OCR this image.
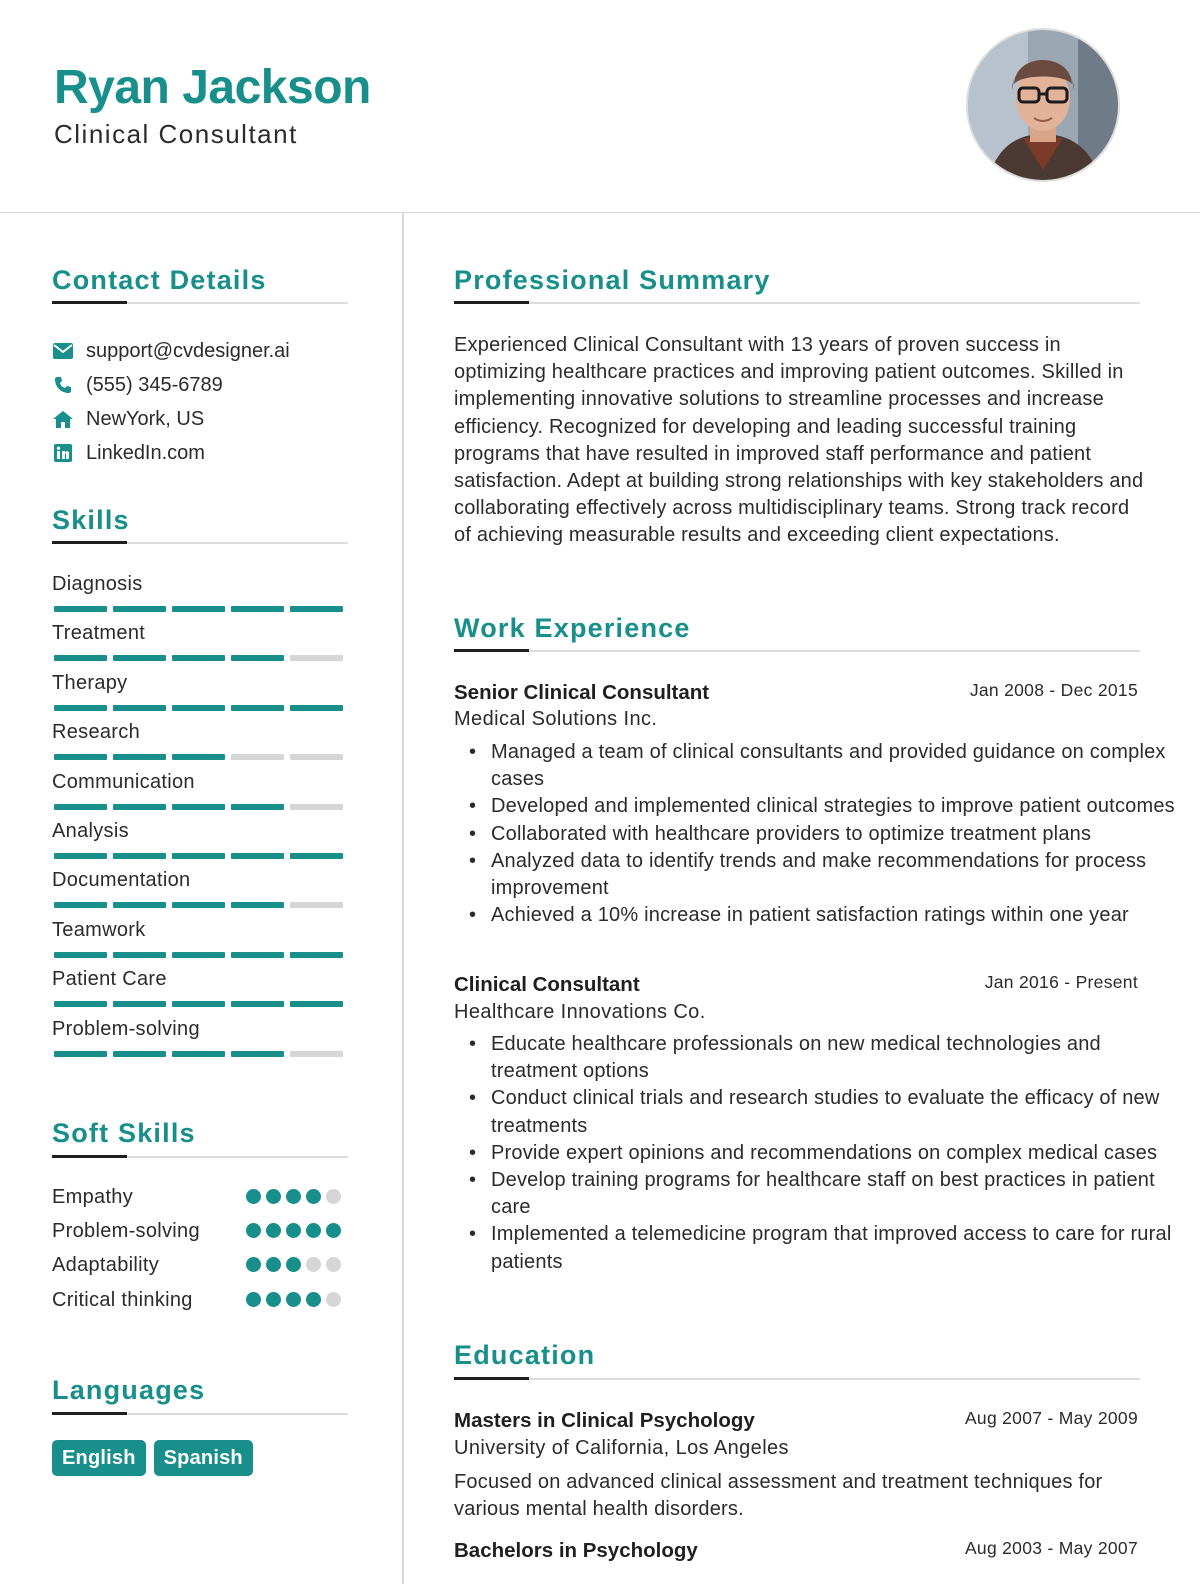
Ryan Jackson
Clinical Consultant
Contact Details
support@cvdesigner.ai
(555) 345-6789
NewYork, US
LinkedIn.com
Skills
Diagnosis
Treatment
Therapy
Research
Communication
Analysis
Documentation
Teamwork
Patient Care
Problem-solving
Soft Skills
Empathy
Problem-solving
Adaptability
Critical thinking
Languages
English	Spanish
Professional Summary
Experienced Clinical Consultant with 13 years of proven success in optimizing healthcare practices and improving patient outcomes. Skilled in implementing innovative solutions to streamline processes and increase efficiency. Recognized for developing and leading successful training programs that have resulted in improved staff performance and patient satisfaction. Adept at building strong relationships with key stakeholders and collaborating effectively across multidisciplinary teams. Strong track record of achieving measurable results and exceeding client expectations.
Work Experience
Senior Clinical Consultant	Jan 2008 - Dec 2015
Medical Solutions Inc.
• Managed a team of clinical consultants and provided guidance on complex cases
• Developed and implemented clinical strategies to improve patient outcomes
• Collaborated with healthcare providers to optimize treatment plans
• Analyzed data to identify trends and make recommendations for process improvement
• Achieved a 10% increase in patient satisfaction ratings within one year
Clinical Consultant	Jan 2016 - Present
Healthcare Innovations Co.
• Educate healthcare professionals on new medical technologies and treatment options
• Conduct clinical trials and research studies to evaluate the efficacy of new treatments
• Provide expert opinions and recommendations on complex medical cases
• Develop training programs for healthcare staff on best practices in patient care
• Implemented a telemedicine program that improved access to care for rural patients
Education
Masters in Clinical Psychology	Aug 2007 - May 2009
University of California, Los Angeles
Focused on advanced clinical assessment and treatment techniques for various mental health disorders.
Bachelors in Psychology	Aug 2003 - May 2007
